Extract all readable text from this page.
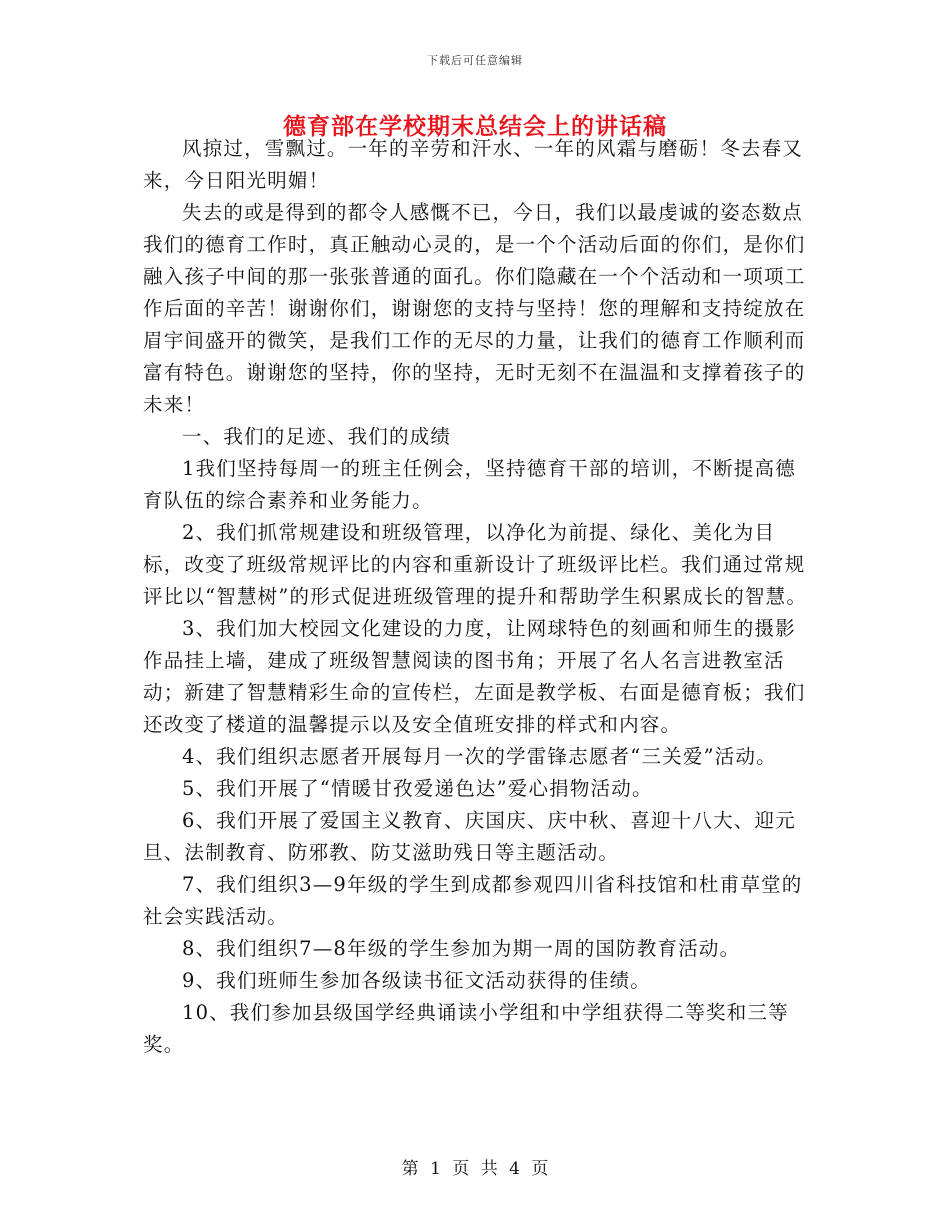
下载后可任意编辑
德育部在学校期末总结会上的讲话稿

风掠过，雪飘过。一年的辛劳和汗水、一年的风霜与磨砺！冬去春又来，今日阳光明媚！

失去的或是得到的都令人感慨不已，今日，我们以最虔诚的姿态数点我们的德育工作时，真正触动心灵的，是一个个活动后面的你们，是你们融入孩子中间的那一张张普通的面孔。你们隐藏在一个个活动和一项项工作后面的辛苦！谢谢你们，谢谢您的支持与坚持！您的理解和支持绽放在眉宇间盛开的微笑，是我们工作的无尽的力量，让我们的德育工作顺利而富有特色。谢谢您的坚持，你的坚持，无时无刻不在温温和支撑着孩子的未来！

一、我们的足迹、我们的成绩

1我们坚持每周一的班主任例会，坚持德育干部的培训，不断提高德育队伍的综合素养和业务能力。

2、我们抓常规建设和班级管理，以净化为前提、绿化、美化为目标，改变了班级常规评比的内容和重新设计了班级评比栏。我们通过常规评比以“智慧树”的形式促进班级管理的提升和帮助学生积累成长的智慧。

3、我们加大校园文化建设的力度，让网球特色的刻画和师生的摄影作品挂上墙，建成了班级智慧阅读的图书角；开展了名人名言进教室活动；新建了智慧精彩生命的宣传栏，左面是教学板、右面是德育板；我们还改变了楼道的温馨提示以及安全值班安排的样式和内容。

4、我们组织志愿者开展每月一次的学雷锋志愿者“三关爱”活动。

5、我们开展了“情暖甘孜爱递色达”爱心捐物活动。

6、我们开展了爱国主义教育、庆国庆、庆中秋、喜迎十八大、迎元旦、法制教育、防邪教、防艾滋助残日等主题活动。

7、我们组织3—9年级的学生到成都参观四川省科技馆和杜甫草堂的社会实践活动。

8、我们组织7—8年级的学生参加为期一周的国防教育活动。

9、我们班师生参加各级读书征文活动获得的佳绩。

10、我们参加县级国学经典诵读小学组和中学组获得二等奖和三等奖。

第 1 页 共 4 页
